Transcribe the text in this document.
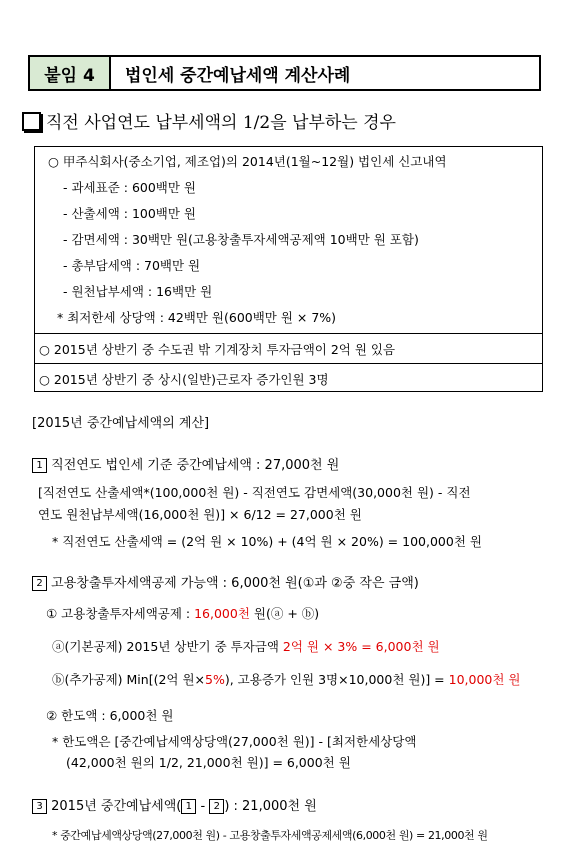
붙임 4	법인세 중간예납세액 계산사례
직전 사업연도 납부세액의 1/2을 납부하는 경우
○ 甲주식회사(중소기업, 제조업)의 2014년(1월~12월) 법인세 신고내역
- 과세표준 : 600백만 원
- 산출세액 : 100백만 원
- 감면세액 : 30백만 원(고용창출투자세액공제액 10백만 원 포함)
- 총부담세액 : 70백만 원
- 원천납부세액 : 16백만 원
* 최저한세 상당액 : 42백만 원(600백만 원 × 7%)
○ 2015년 상반기 중 수도권 밖 기계장치 투자금액이 2억 원 있음
○ 2015년 상반기 중 상시(일반)근로자 증가인원 3명
[2015년 중간예납세액의 계산]
1 직전연도 법인세 기준 중간예납세액 : 27,000천 원
[직전연도 산출세액*(100,000천 원) - 직전연도 감면세액(30,000천 원) - 직전
연도 원천납부세액(16,000천 원)] × 6/12 = 27,000천 원
* 직전연도 산출세액 = (2억 원 × 10%) + (4억 원 × 20%) = 100,000천 원
2 고용창출투자세액공제 가능액 : 6,000천 원(①과 ②중 작은 금액)
① 고용창출투자세액공제 : 16,000천 원(ⓐ + ⓑ)
ⓐ(기본공제) 2015년 상반기 중 투자금액 2억 원 × 3% = 6,000천 원
ⓑ(추가공제) Min[(2억 원×5%), 고용증가 인원 3명×10,000천 원)] = 10,000천 원
② 한도액 : 6,000천 원
* 한도액은 [중간예납세액상당액(27,000천 원)] - [최저한세상당액
(42,000천 원의 1/2, 21,000천 원)] = 6,000천 원
3 2015년 중간예납세액( 1 - 2 ) : 21,000천 원
* 중간예납세액상당액(27,000천 원) - 고용창출투자세액공제세액(6,000천 원) = 21,000천 원
